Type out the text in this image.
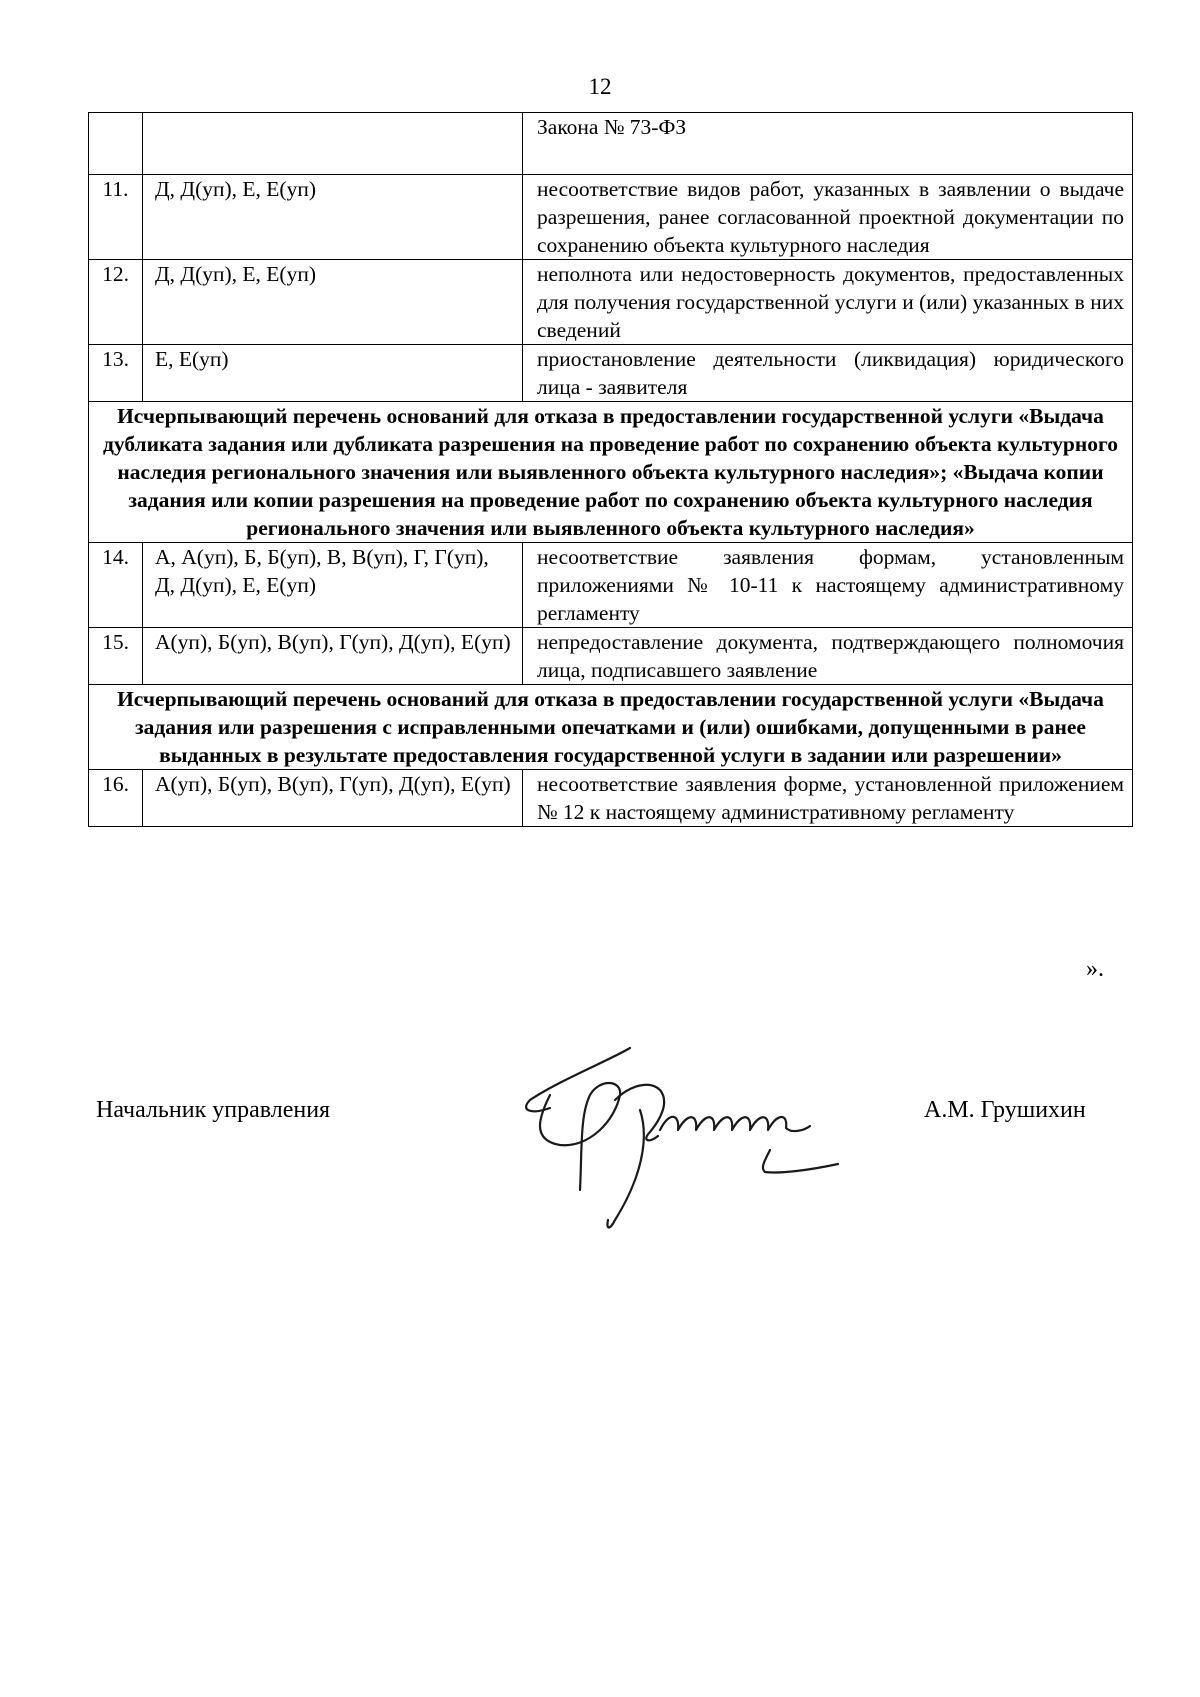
12
		Закона № 73-ФЗ
11.	Д, Д(уп), Е, Е(уп)	несоответствие видов работ, указанных в заявлении о выдаче разрешения, ранее согласованной проектной документации по сохранению объекта культурного наследия
12.	Д, Д(уп), Е, Е(уп)	неполнота или недостоверность документов, предоставленных для получения государственной услуги и (или) указанных в них сведений
13.	Е, Е(уп)	приостановление деятельности (ликвидация) юридического лица - заявителя
Исчерпывающий перечень оснований для отказа в предоставлении государственной услуги «Выдача дубликата задания или дубликата разрешения на проведение работ по сохранению объекта культурного наследия регионального значения или выявленного объекта культурного наследия»; «Выдача копии задания или копии разрешения на проведение работ по сохранению объекта культурного наследия регионального значения или выявленного объекта культурного наследия»		
14.	А, А(уп), Б, Б(уп), В, В(уп), Г, Г(уп), Д, Д(уп), Е, Е(уп)	несоответствие заявления формам, установленным приложениями № 10-11 к настоящему административному регламенту
15.	А(уп), Б(уп), В(уп), Г(уп), Д(уп), Е(уп)	непредоставление документа, подтверждающего полномочия лица, подписавшего заявление
Исчерпывающий перечень оснований для отказа в предоставлении государственной услуги «Выдача задания или разрешения с исправленными опечатками и (или) ошибками, допущенными в ранее выданных в результате предоставления государственной услуги в задании или разрешении»		
16.	А(уп), Б(уп), В(уп), Г(уп), Д(уп), Е(уп)	несоответствие заявления форме, установленной приложением № 12 к настоящему административному регламенту
».
Начальник управления	А.М. Грушихин
